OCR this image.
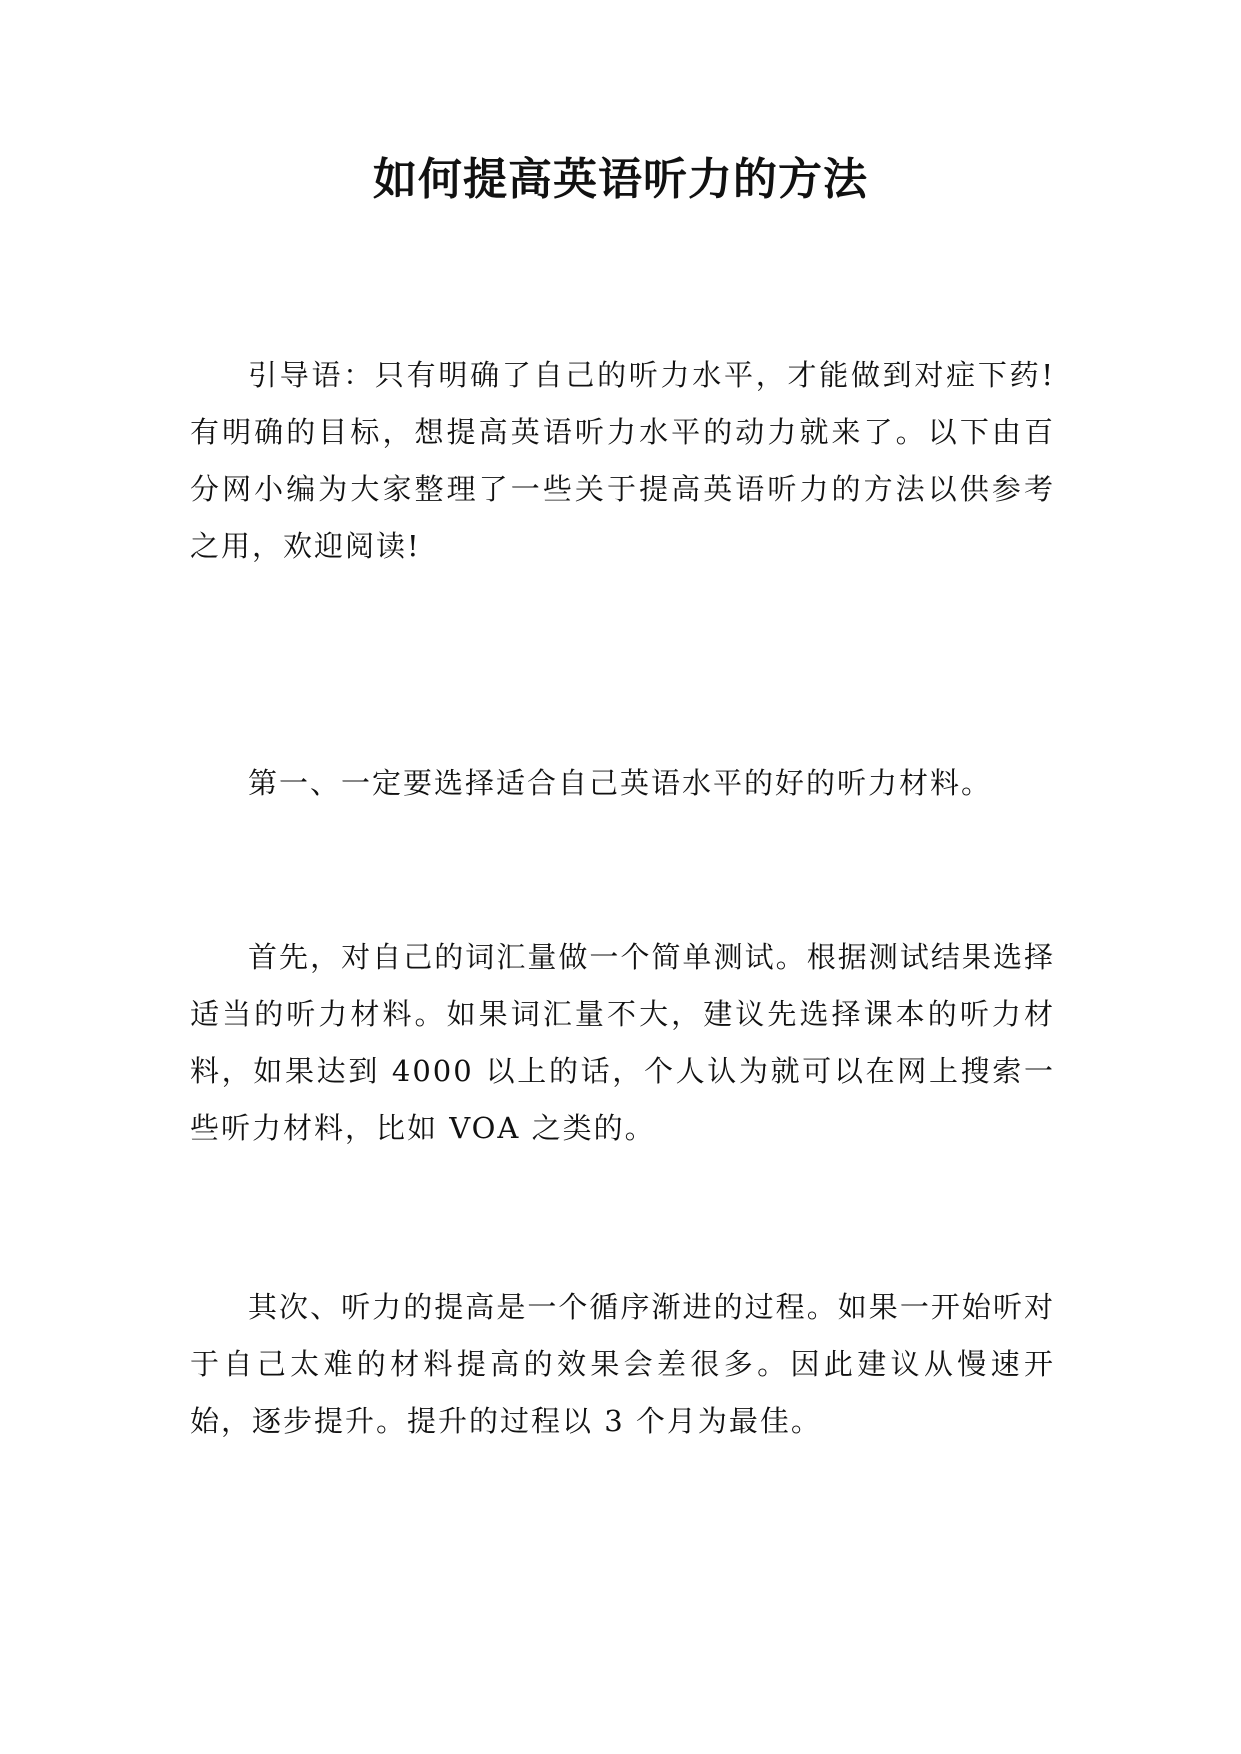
如何提高英语听力的方法

引导语：只有明确了自己的听力水平，才能做到对症下药!有明确的目标，想提高英语听力水平的动力就来了。以下由百分网小编为大家整理了一些关于提高英语听力的方法以供参考之用，欢迎阅读!

第一、一定要选择适合自己英语水平的好的听力材料。

首先，对自己的词汇量做一个简单测试。根据测试结果选择适当的听力材料。如果词汇量不大，建议先选择课本的听力材料，如果达到 4000 以上的话，个人认为就可以在网上搜索一些听力材料，比如 VOA 之类的。

其次、听力的提高是一个循序渐进的过程。如果一开始听对于自己太难的材料提高的效果会差很多。因此建议从慢速开始，逐步提升。提升的过程以 3 个月为最佳。
